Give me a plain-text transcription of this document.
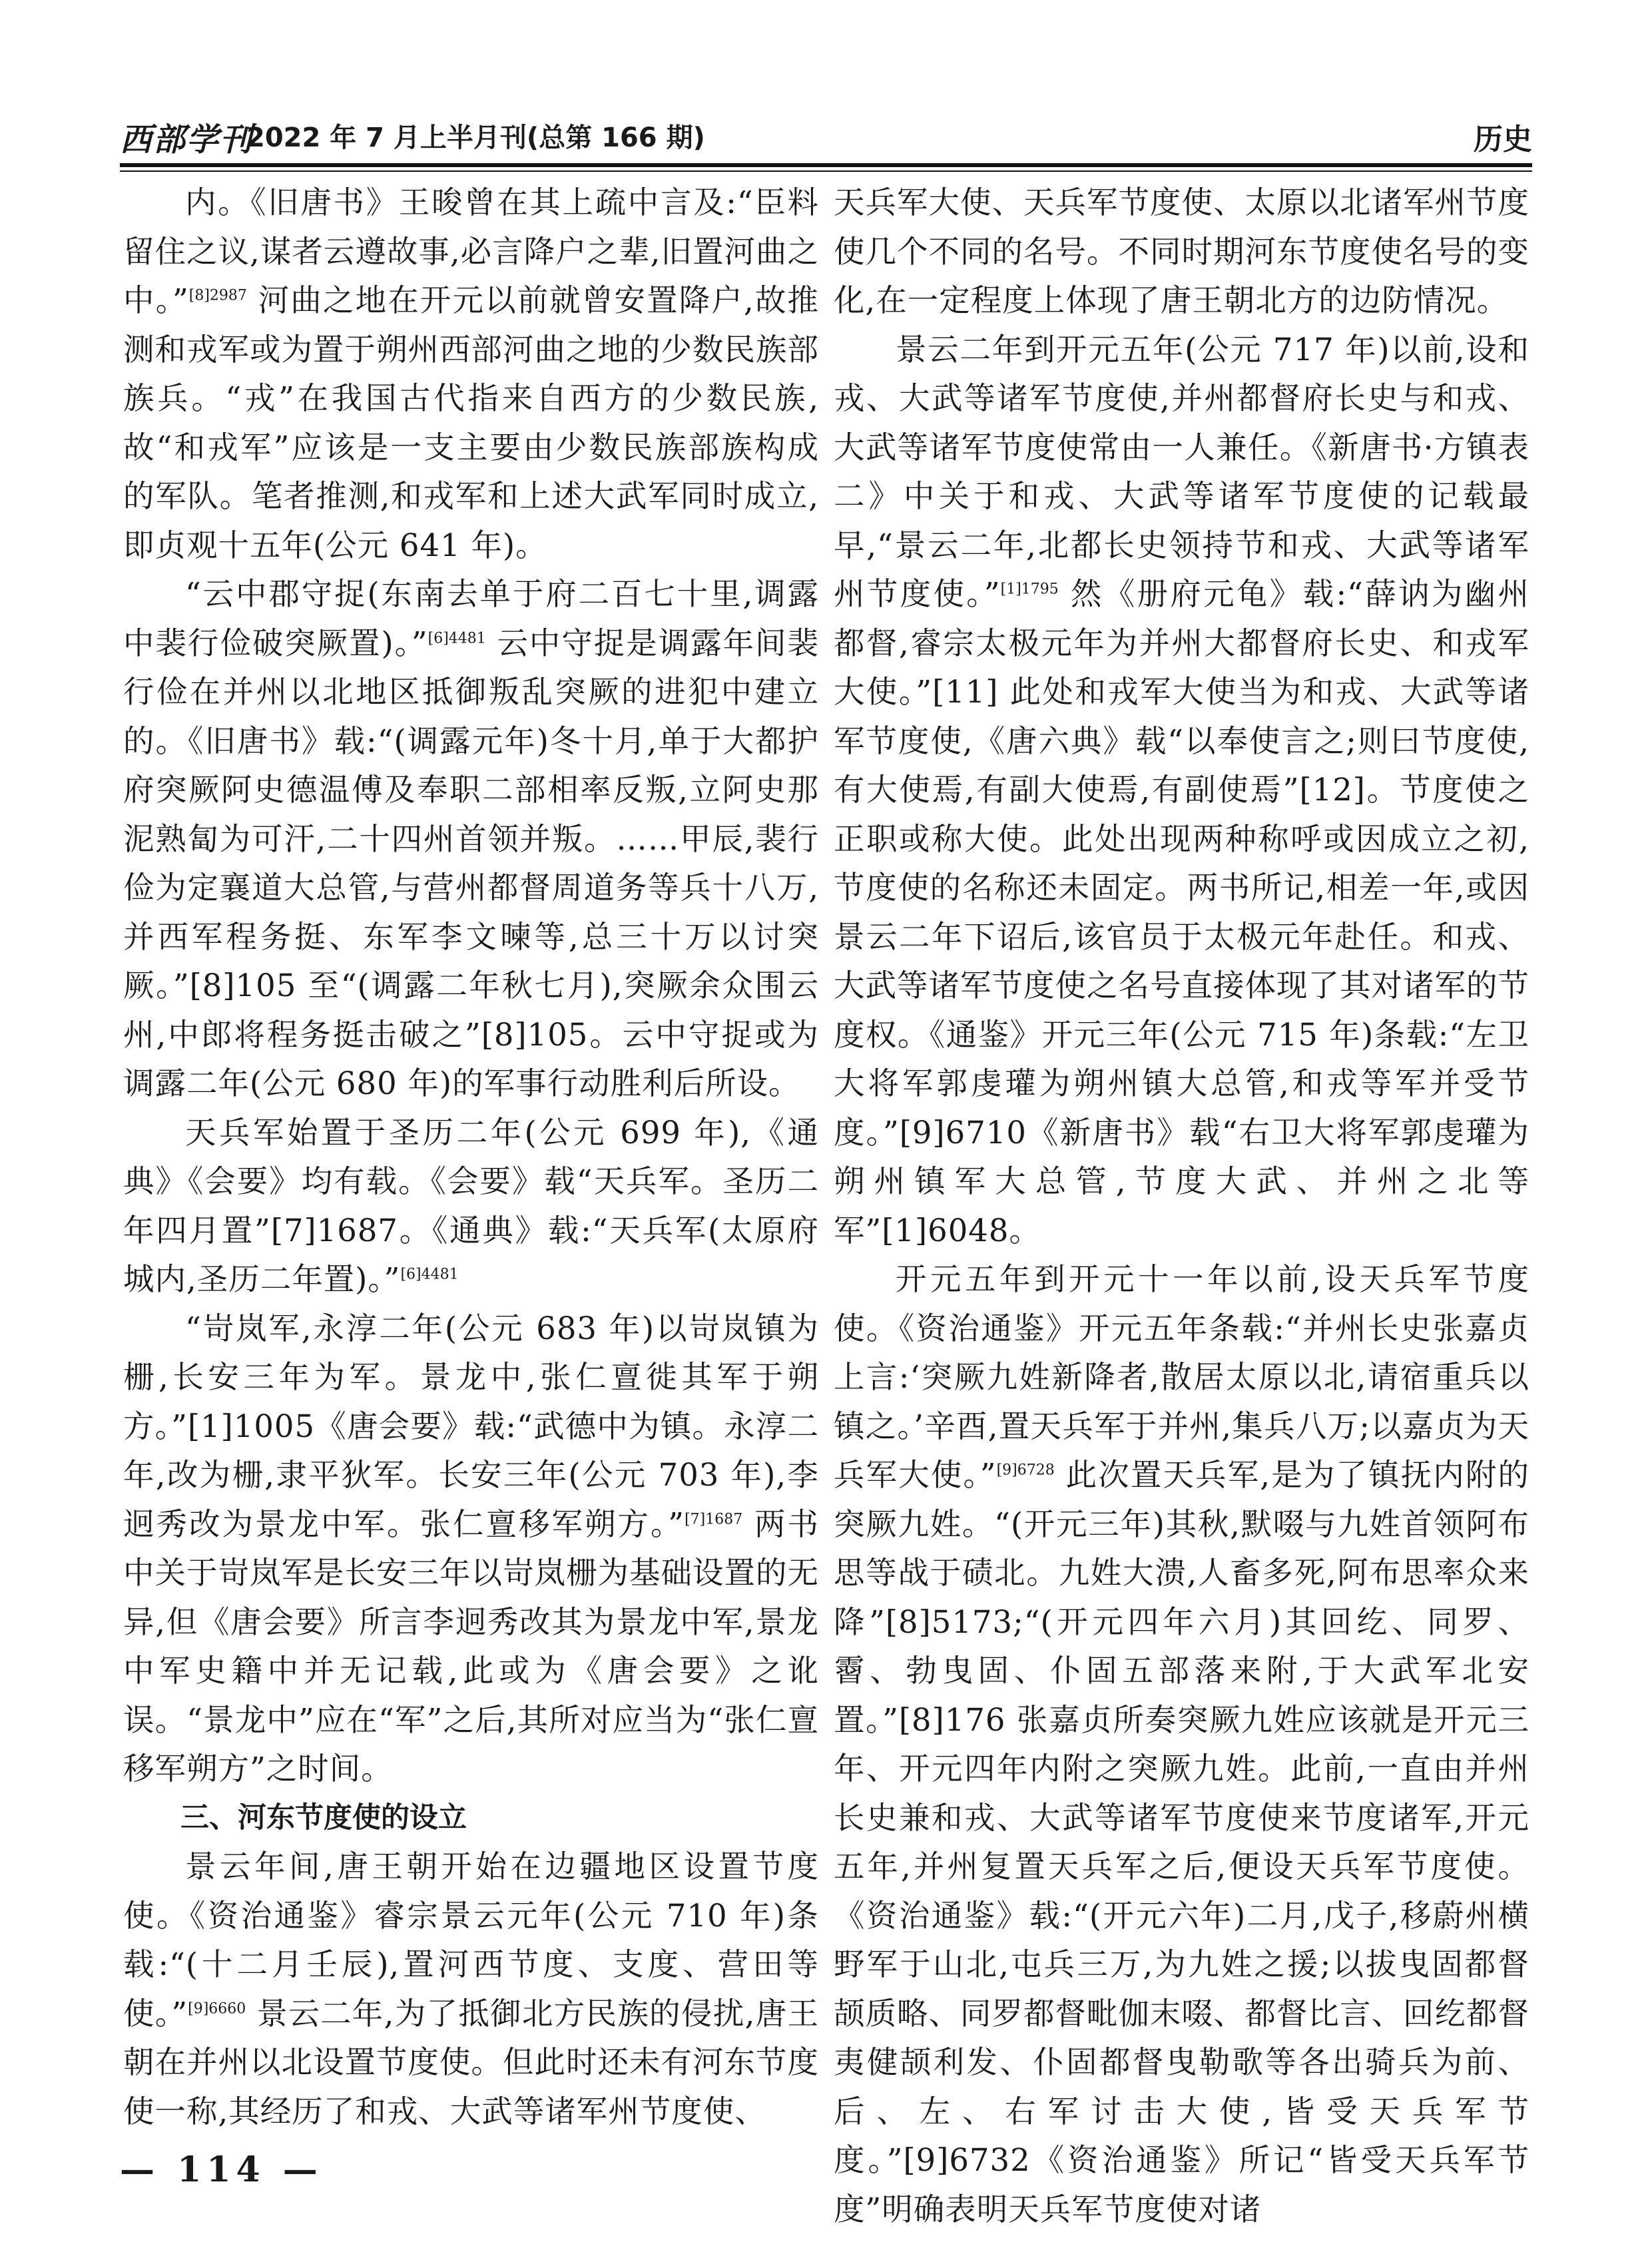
西部学刊
2022 年 7 月上半月刊(总第 166 期)	历史

内。《旧唐书》王晙曾在其上疏中言及:“臣料留住之议,谋者云遵故事,必言降户之辈,旧置河曲之中。”$^{[8]2987}$ 河曲之地在开元以前就曾安置降户,故推测和戎军或为置于朔州西部河曲之地的少数民族部族兵。“戎”在我国古代指来自西方的少数民族,故“和戎军”应该是一支主要由少数民族部族构成的军队。笔者推测,和戎军和上述大武军同时成立,即贞观十五年(公元 641 年)。

“云中郡守捉(东南去单于府二百七十里,调露中裴行俭破突厥置)。”$^{[6]4481}$ 云中守捉是调露年间裴行俭在并州以北地区抵御叛乱突厥的进犯中建立的。《旧唐书》载:“(调露元年)冬十月,单于大都护府突厥阿史德温傅及奉职二部相率反叛,立阿史那泥熟匐为可汗,二十四州首领并叛。……甲辰,裴行俭为定襄道大总管,与营州都督周道务等兵十八万,并西军程务挺、东军李文暕等,总三十万以讨突厥。”[8]105 至“(调露二年秋七月),突厥余众围云州,中郎将程务挺击破之”[8]105。云中守捉或为调露二年(公元 680 年)的军事行动胜利后所设。

天兵军始置于圣历二年(公元 699 年),《通典》《会要》均有载。《会要》载“天兵军。圣历二年四月置”[7]1687。《通典》载:“天兵军(太原府城内,圣历二年置)。”$^{[6]4481}$

“岢岚军,永淳二年(公元 683 年)以岢岚镇为栅,长安三年为军。景龙中,张仁亶徙其军于朔方。”[1]1005《唐会要》载:“武德中为镇。永淳二年,改为栅,隶平狄军。长安三年(公元 703 年),李迥秀改为景龙中军。张仁亶移军朔方。”$^{[7]1687}$ 两书中关于岢岚军是长安三年以岢岚栅为基础设置的无异,但《唐会要》所言李迥秀改其为景龙中军,景龙中军史籍中并无记载,此或为《唐会要》之讹误。“景龙中”应在“军”之后,其所对应当为“张仁亶移军朔方”之时间。

三、河东节度使的设立

景云年间,唐王朝开始在边疆地区设置节度使。《资治通鉴》睿宗景云元年(公元 710 年)条载:“(十二月壬辰),置河西节度、支度、营田等使。”$^{[9]6660}$ 景云二年,为了抵御北方民族的侵扰,唐王朝在并州以北设置节度使。但此时还未有河东节度使一称,其经历了和戎、大武等诸军州节度使、

天兵军大使、天兵军节度使、太原以北诸军州节度使几个不同的名号。不同时期河东节度使名号的变化,在一定程度上体现了唐王朝北方的边防情况。

景云二年到开元五年(公元 717 年)以前,设和戎、大武等诸军节度使,并州都督府长史与和戎、大武等诸军节度使常由一人兼任。《新唐书·方镇表二》中关于和戎、大武等诸军节度使的记载最早,“景云二年,北都长史领持节和戎、大武等诸军州节度使。”$^{[1]1795}$ 然《册府元龟》载:“薛讷为幽州都督,睿宗太极元年为并州大都督府长史、和戎军大使。”[11] 此处和戎军大使当为和戎、大武等诸军节度使,《唐六典》载“以奉使言之;则曰节度使,有大使焉,有副大使焉,有副使焉”[12]。节度使之正职或称大使。此处出现两种称呼或因成立之初,节度使的名称还未固定。两书所记,相差一年,或因景云二年下诏后,该官员于太极元年赴任。和戎、大武等诸军节度使之名号直接体现了其对诸军的节度权。《通鉴》开元三年(公元 715 年)条载:“左卫大将军郭虔瓘为朔州镇大总管,和戎等军并受节度。”[9]6710《新唐书》载“右卫大将军郭虔瓘为朔州镇军大总管,节度大武、并州之北等军”[1]6048。

开元五年到开元十一年以前,设天兵军节度使。《资治通鉴》开元五年条载:“并州长史张嘉贞上言:‘突厥九姓新降者,散居太原以北,请宿重兵以镇之。’辛酉,置天兵军于并州,集兵八万;以嘉贞为天兵军大使。”$^{[9]6728}$ 此次置天兵军,是为了镇抚内附的突厥九姓。“(开元三年)其秋,默啜与九姓首领阿布思等战于碛北。九姓大溃,人畜多死,阿布思率众来降”[8]5173;“(开元四年六月)其回纥、同罗、霫、勃曳固、仆固五部落来附,于大武军北安置。”[8]176 张嘉贞所奏突厥九姓应该就是开元三年、开元四年内附之突厥九姓。此前,一直由并州长史兼和戎、大武等诸军节度使来节度诸军,开元五年,并州复置天兵军之后,便设天兵军节度使。《资治通鉴》载:“(开元六年)二月,戊子,移蔚州横野军于山北,屯兵三万,为九姓之援;以拔曳固都督颉质略、同罗都督毗伽末啜、都督比言、回纥都督夷健颉利发、仆固都督曳勒歌等各出骑兵为前、后、左、右军讨击大使,皆受天兵军节度。”[9]6732《资治通鉴》所记“皆受天兵军节度”明确表明天兵军节度使对诸

— 114 —
